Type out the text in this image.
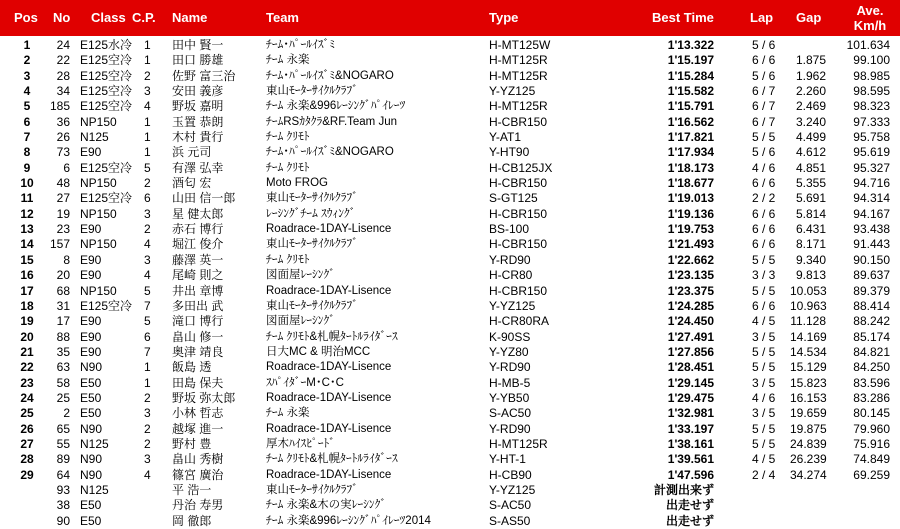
Pos No Class C.P. Name	Team	Type	Best Time	Lap Gap	Ave.
Km/h
1	24 E125水冷 1 田中 賢一	ﾁｰﾑ･ﾊﾟｰﾙｲｽﾞﾐ	H-MT125W	1'13.322	5 / 6	101.634
2	22 E125空冷 1 田口 勝雄	ﾁｰﾑ 永楽	H-MT125R	1'15.197	6 / 6	1.875	99.100
3	28 E125空冷 2 佐野 富三治	ﾁｰﾑ･ﾊﾟｰﾙｲｽﾞﾐ&NOGARO	H-MT125R	1'15.284	5 / 6	1.962	98.985
4	34 E125空冷 3 安田 義彦	東山ﾓｰﾀｰｻｲｸﾙｸﾗﾌﾞ	Y-YZ125	1'15.582	6 / 7	2.260	98.595
5	185 E125空冷 4 野坂 嘉明	ﾁｰﾑ 永楽&996ﾚｰｼﾝｸﾞﾊﾟｲﾚｰﾂ	H-MT125R	1'15.791	6 / 7	2.469	98.323
6	36 NP150 1 玉置 恭朗	ﾁｰﾑRSｶﾀｸﾗ&RF.Team Jun	H-CBR150	1'16.562	6 / 7	3.240	97.333
7	26 N125	1 木村 貴行	ﾁｰﾑ ｸﾘﾓﾄ	Y-AT1	1'17.821	5 / 5	4.499	95.758
8	73 E90	1 浜 元司	ﾁｰﾑ･ﾊﾟｰﾙｲｽﾞﾐ&NOGARO	Y-HT90	1'17.934	5 / 6	4.612	95.619
9	6 E125空冷 5 有澤 弘幸	ﾁｰﾑ ｸﾘﾓﾄ	H-CB125JX	1'18.173	4 / 6	4.851	95.327
10	48 NP150 2 酒匂 宏	Moto FROG	H-CBR150	1'18.677	6 / 6	5.355	94.716
11	27 E125空冷 6 山田 信一郎	東山ﾓｰﾀｰｻｲｸﾙｸﾗﾌﾞ	S-GT125	1'19.013	2 / 2	5.691	94.314
12	19 NP150 3 星 健太郎	ﾚｰｼﾝｸﾞﾁｰﾑ ｽｳｨﾝｸﾞ	H-CBR150	1'19.136	6 / 6	5.814	94.167
13	23 E90	2 赤石 博行	Roadrace-1DAY-Lisence	BS-100	1'19.753	6 / 6	6.431	93.438
14	157 NP150 4 堀江 俊介	東山ﾓｰﾀｰｻｲｸﾙｸﾗﾌﾞ	H-CBR150	1'21.493	6 / 6	8.171	91.443
15	8 E90	3 藤澤 英一	ﾁｰﾑ ｸﾘﾓﾄ	Y-RD90	1'22.662	5 / 5	9.340	90.150
16	20 E90	4 尾崎 則之	図面屋ﾚｰｼﾝｸﾞ	H-CR80	1'23.135	3 / 3	9.813	89.637
17	68 NP150 5 井出 章博	Roadrace-1DAY-Lisence	H-CBR150	1'23.375	5 / 5 10.053	89.379
18	31 E125空冷 7 多田出 武	東山ﾓｰﾀｰｻｲｸﾙｸﾗﾌﾞ	Y-YZ125	1'24.285	6 / 6 10.963	88.414
19	17 E90	5 滝口 博行	図面屋ﾚｰｼﾝｸﾞ	H-CR80RA	1'24.450	4 / 5 11.128	88.242
20	88 E90	6 畠山 修一	ﾁｰﾑ ｸﾘﾓﾄ&札幌ﾀｰﾄﾙﾗｲﾀﾞｰｽ	K-90SS	1'27.491	3 / 5 14.169	85.174
21	35 E90	7 奥津 靖良	日大MC & 明治MCC	Y-YZ80	1'27.856	5 / 5 14.534	84.821
22	63 N90	1 飯島 透	Roadrace-1DAY-Lisence	Y-RD90	1'28.451	5 / 5 15.129	84.250
23	58 E50	1 田島 保夫	ｽﾊﾟｲﾀﾞｰM･C･C	H-MB-5	1'29.145	3 / 5 15.823	83.596
24	25 E50	2 野坂 弥太郎	Roadrace-1DAY-Lisence	Y-YB50	1'29.475	4 / 6 16.153	83.286
25	2 E50	3 小林 哲志	ﾁｰﾑ 永楽	S-AC50	1'32.981	3 / 5 19.659	80.145
26	65 N90	2 越塚 進一	Roadrace-1DAY-Lisence	Y-RD90	1'33.197	5 / 5 19.875	79.960
27	55 N125	2 野村 豊	厚木ﾊｲｽﾋﾟｰﾄﾞ	H-MT125R	1'38.161	5 / 5 24.839	75.916
28	89 N90	3 畠山 秀樹	ﾁｰﾑ ｸﾘﾓﾄ&札幌ﾀｰﾄﾙﾗｲﾀﾞｰｽ	Y-HT-1	1'39.561	4 / 5 26.239	74.849
29	64 N90	4 篠宮 廣治	Roadrace-1DAY-Lisence	H-CB90	1'47.596	2 / 4 34.274	69.259
93 N125	平 浩一	東山ﾓｰﾀｰｻｲｸﾙｸﾗﾌﾞ	Y-YZ125	計測出来ず
38 E50	丹治 寿男	ﾁｰﾑ 永楽&木の実ﾚｰｼﾝｸﾞ	S-AC50	出走せず
90 E50	岡 徹郎	ﾁｰﾑ 永楽&996ﾚｰｼﾝｸﾞﾊﾟｲﾚｰﾂ2014	S-AS50	出走せず
